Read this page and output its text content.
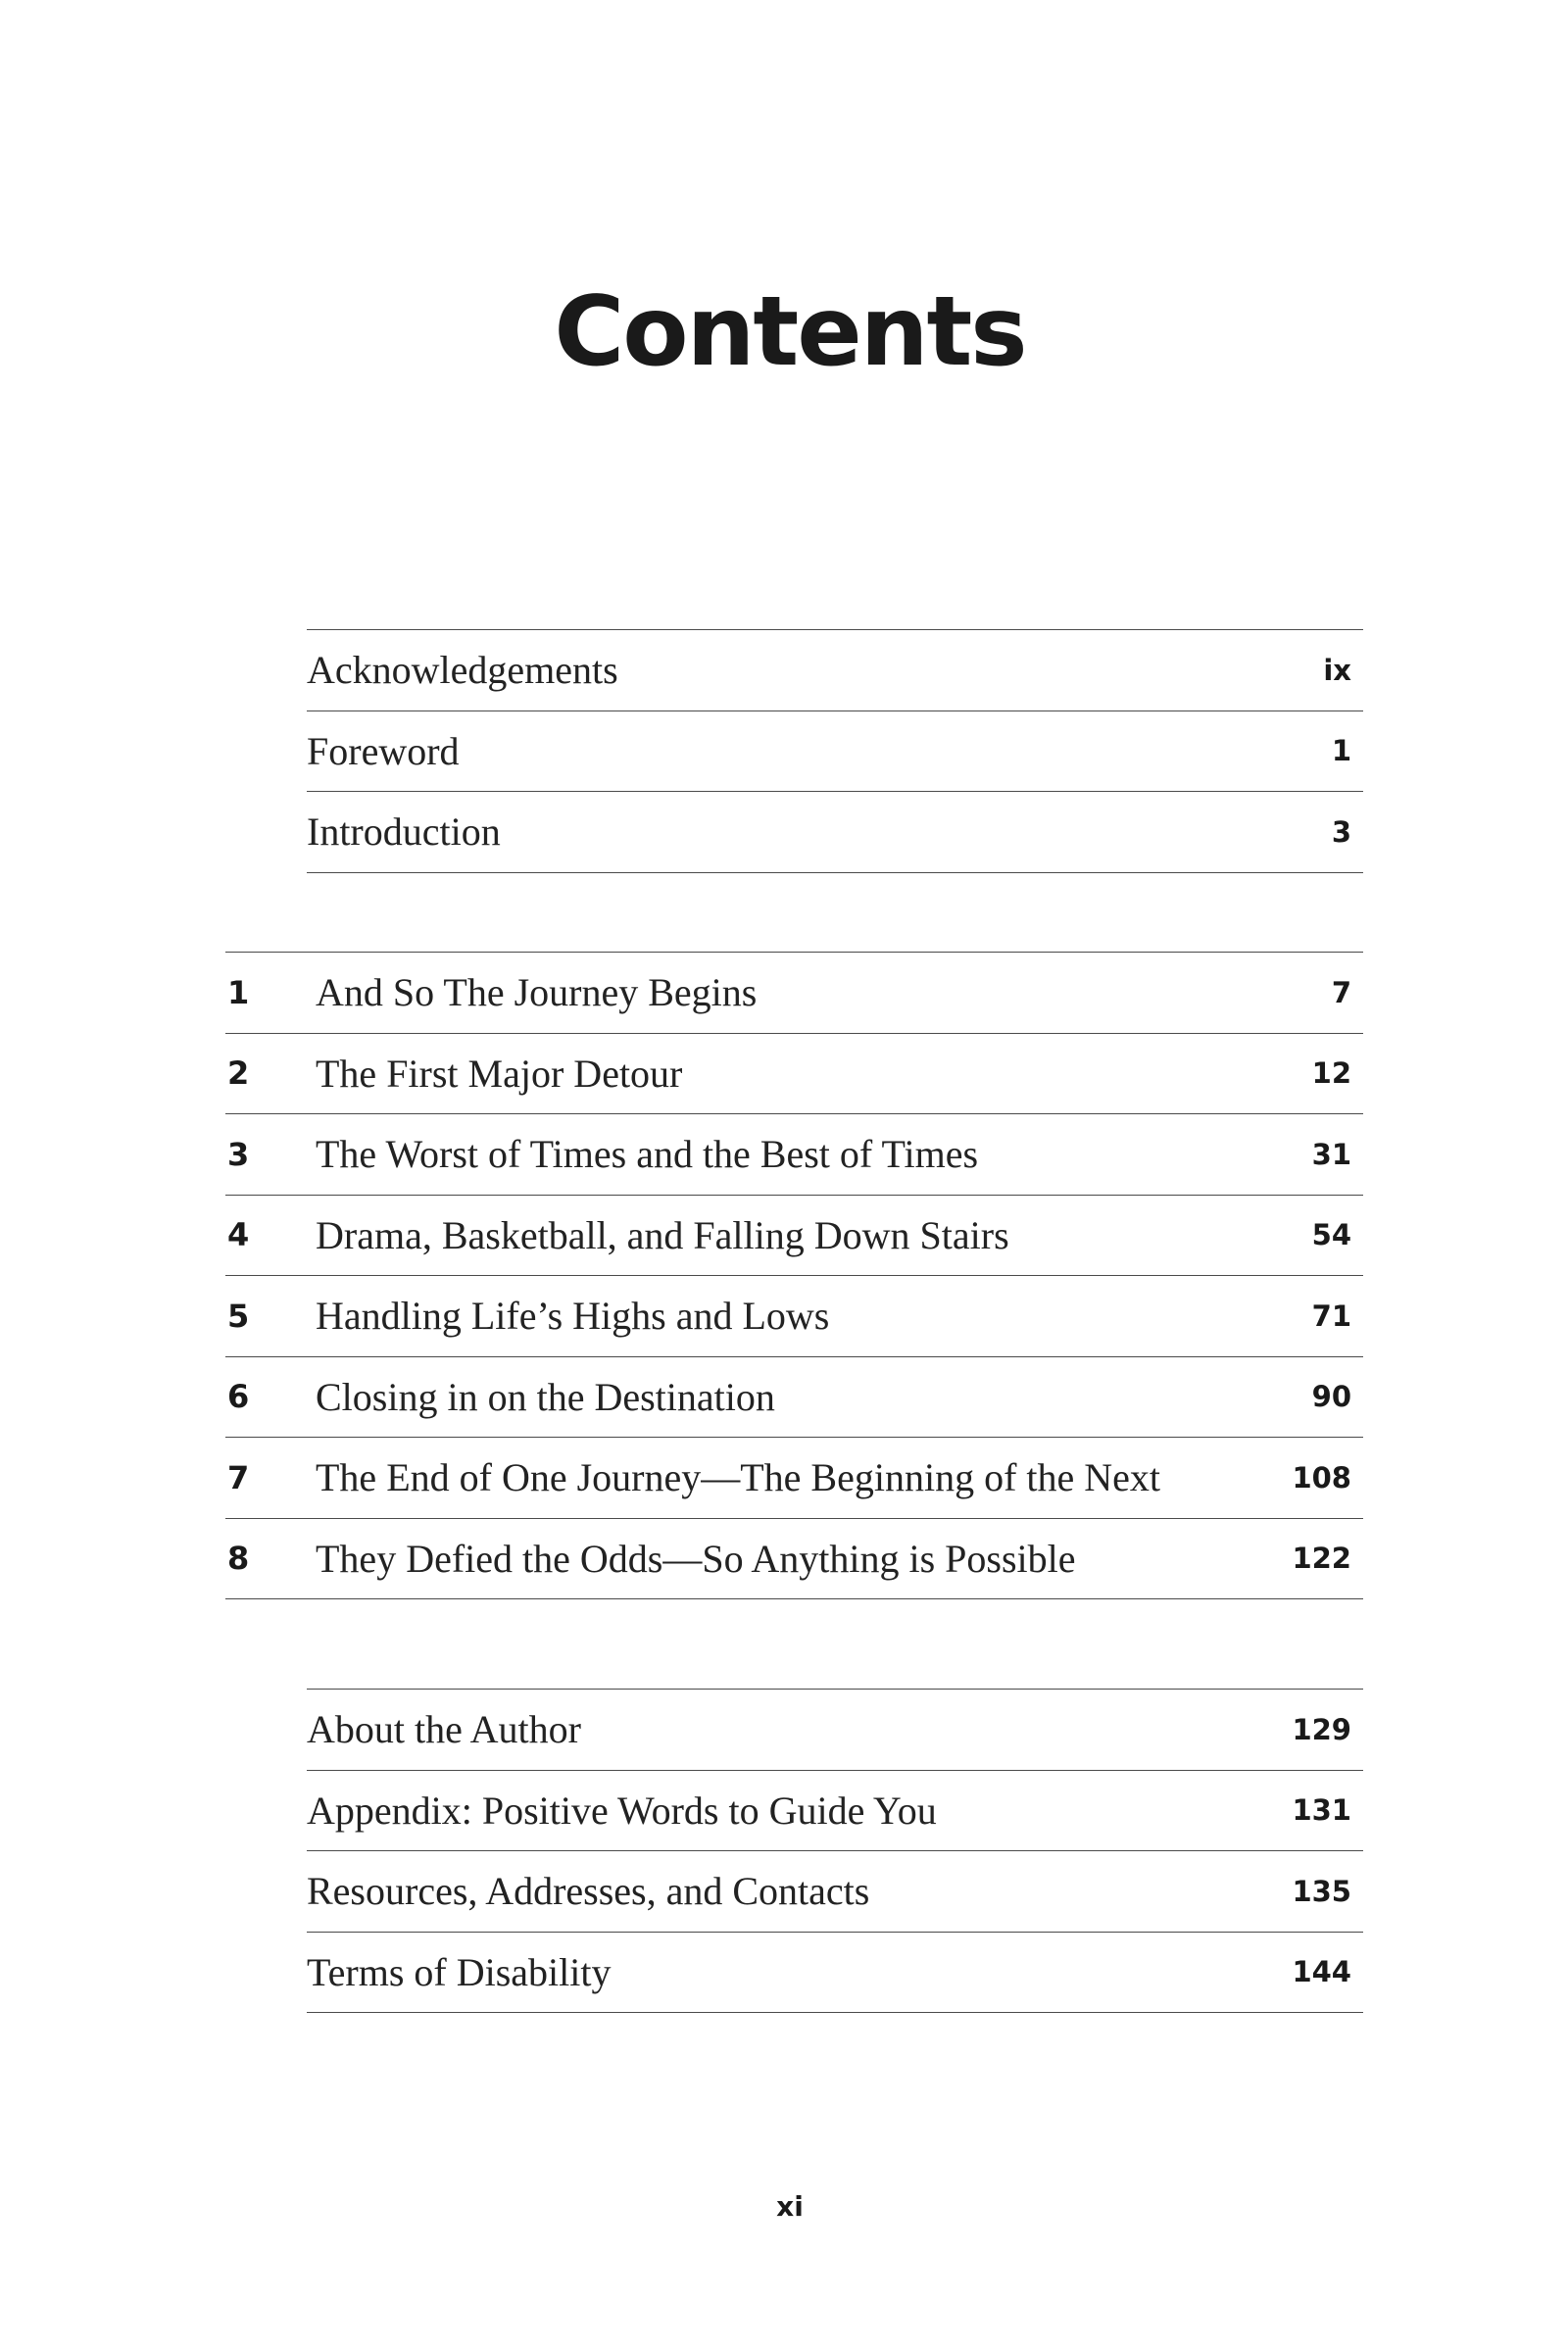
Contents
Acknowledgements	ix
Foreword	1
Introduction	3
1	And So The Journey Begins	7
2	The First Major Detour	12
3	The Worst of Times and the Best of Times	31
4	Drama, Basketball, and Falling Down Stairs	54
5	Handling Life’s Highs and Lows	71
6	Closing in on the Destination	90
7	The End of One Journey—The Beginning of the Next	108
8	They Defied the Odds—So Anything is Possible	122
About the Author	129
Appendix: Positive Words to Guide You	131
Resources, Addresses, and Contacts	135
Terms of Disability	144
xi
